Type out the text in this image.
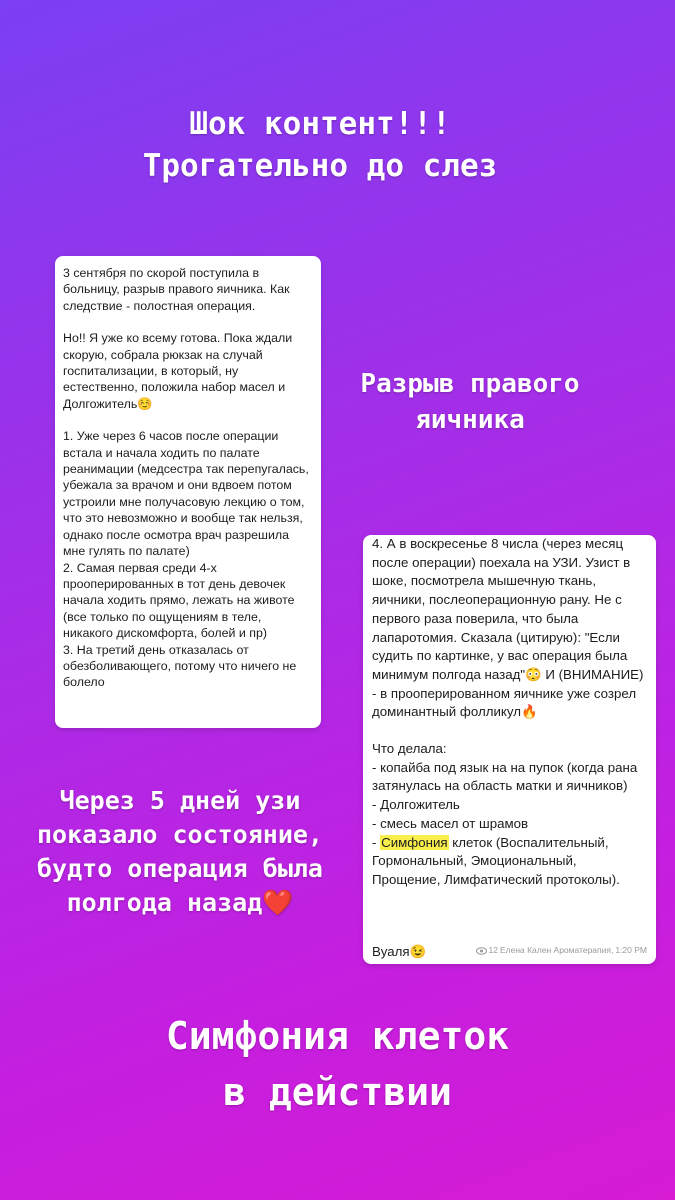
Шок контент!!!
Трогательно до слез

3 сентября по скорой поступила в больницу, разрыв правого яичника. Как следствие - полостная операция.

Но!! Я уже ко всему готова. Пока ждали скорую, собрала рюкзак на случай госпитализации, в который, ну естественно, положила набор масел и Долгожитель☺️

1. Уже через 6 часов после операции встала и начала ходить по палате реанимации (медсестра так перепугалась, убежала за врачом и они вдвоем потом устроили мне получасовую лекцию о том, что это невозможно и вообще так нельзя, однако после осмотра врач разрешила мне гулять по палате)

2. Самая первая среди 4-х прооперированных в тот день девочек начала ходить прямо, лежать на животе (все только по ощущениям в теле, никакого дискомфорта, болей и пр)

3. На третий день отказалась от обезболивающего, потому что ничего не болело

Разрыв правого
яичника

4. А в воскресенье 8 числа (через месяц после операции) поехала на УЗИ. Узист в шоке, посмотрела мышечную ткань, яичники, послеоперационную рану. Не с первого раза поверила, что была лапаротомия. Сказала (цитирую): "Если судить по картинке, у вас операция была минимум полгода назад"😳 И (ВНИМАНИЕ) - в прооперированном яичнике уже созрел доминантный фолликул🔥

Что делала:

- копайба под язык на на пупок (когда рана затянулась на область матки и яичников)

- Долгожитель

- смесь масел от шрамов

- Симфония клеток (Воспалительный, Гормональный, Эмоциональный, Прощение, Лимфатический протоколы).

Вуаля😉	12 Елена Кален Ароматерапия, 1:20 PM
Через 5 дней узи
показало состояние,
будто операция была
полгода назад❤️
Симфония клеток
в действии
